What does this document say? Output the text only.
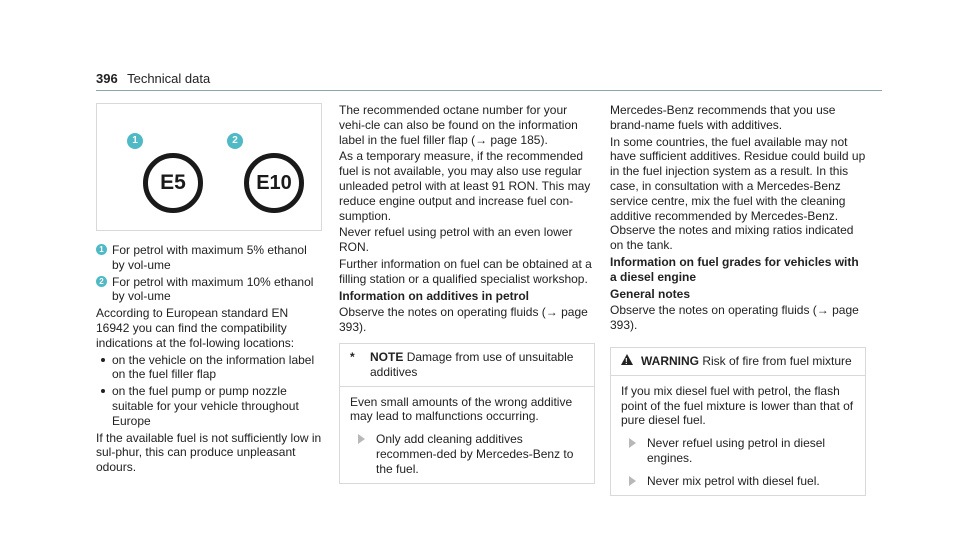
396 Technical data
1	2
E5	E10
1 For petrol with maximum 5% ethanol by vol-ume
2 For petrol with maximum 10% ethanol by vol-ume

According to European standard EN 16942 you can find the compatibility indications at the fol-lowing locations:

on the vehicle on the information label on the fuel filler flap
on the fuel pump or pump nozzle suitable for your vehicle throughout Europe

If the available fuel is not sufficiently low in sul-phur, this can produce unpleasant odours.

The recommended octane number for your vehi-cle can also be found on the information label in the fuel filler flap (→ page 185).

As a temporary measure, if the recommended fuel is not available, you may also use regular unleaded petrol with at least 91 RON. This may reduce engine output and increase fuel con-sumption.

Never refuel using petrol with an even lower RON.

Further information on fuel can be obtained at a filling station or a qualified specialist workshop.

Information on additives in petrol

Observe the notes on operating fluids (→ page 393).

* NOTE Damage from use of unsuitable additives
Even small amounts of the wrong additive may lead to malfunctions occurring.
Only add cleaning additives recommen-ded by Mercedes-Benz to the fuel.

Mercedes-Benz recommends that you use brand-name fuels with additives.

In some countries, the fuel available may not have sufficient additives. Residue could build up in the fuel injection system as a result. In this case, in consultation with a Mercedes-Benz service centre, mix the fuel with the cleaning additive recommended by Mercedes-Benz. Observe the notes and mixing ratios indicated on the tank.

Information on fuel grades for vehicles with a diesel engine

General notes

Observe the notes on operating fluids (→ page 393).

! WARNING Risk of fire from fuel mixture
If you mix diesel fuel with petrol, the flash point of the fuel mixture is lower than that of pure diesel fuel.
Never refuel using petrol in diesel engines.
Never mix petrol with diesel fuel.
